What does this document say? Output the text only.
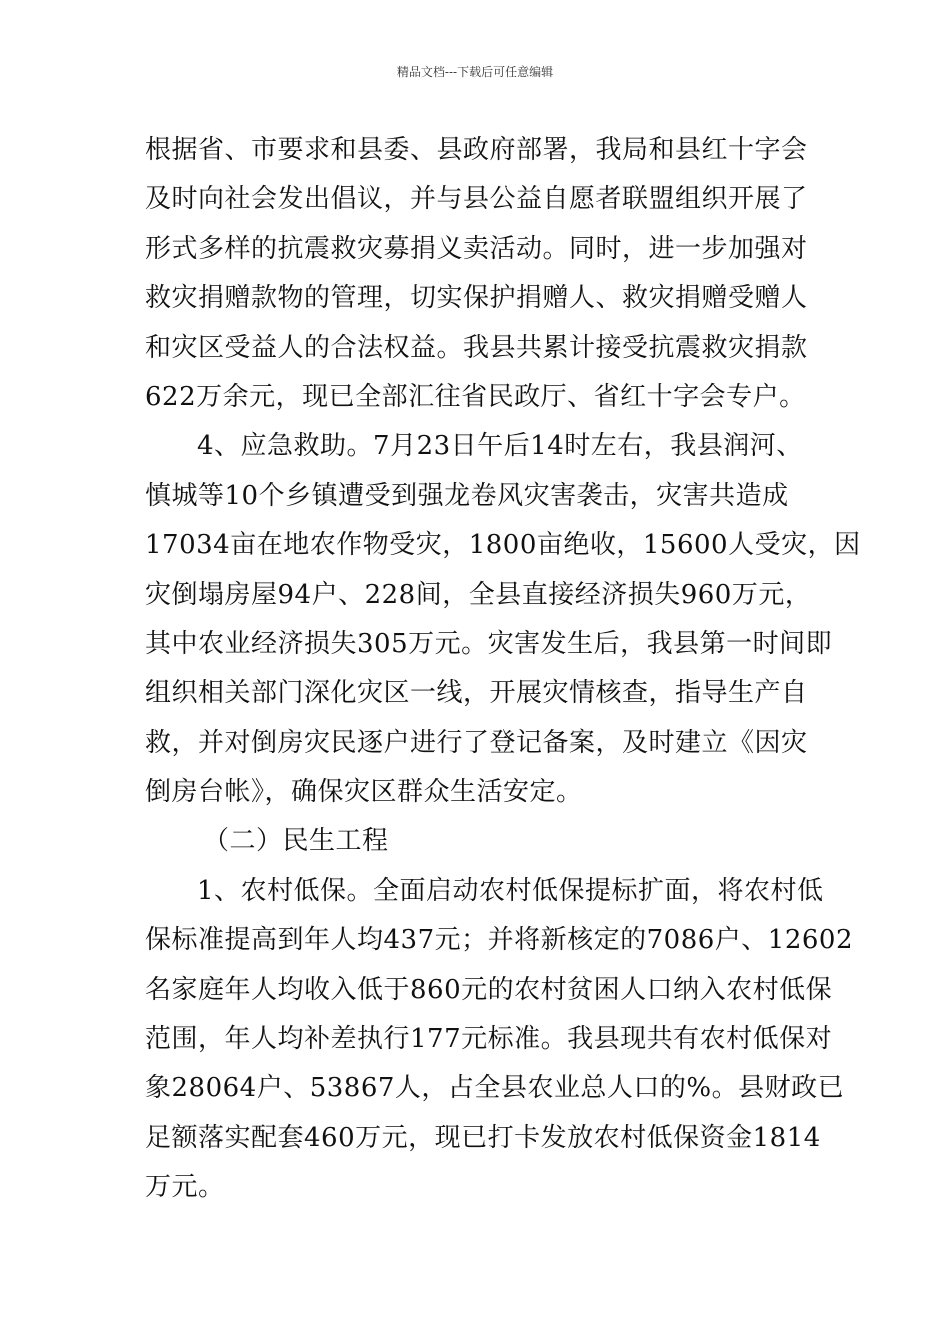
精品文档---下载后可任意编辑
根据省、市要求和县委、县政府部署，我局和县红十字会
及时向社会发出倡议，并与县公益自愿者联盟组织开展了
形式多样的抗震救灾募捐义卖活动。同时，进一步加强对
救灾捐赠款物的管理，切实保护捐赠人、救灾捐赠受赠人
和灾区受益人的合法权益。我县共累计接受抗震救灾捐款
622万余元，现已全部汇往省民政厅、省红十字会专户。
4、应急救助。7月23日午后14时左右，我县润河、
慎城等10个乡镇遭受到强龙卷风灾害袭击，灾害共造成
17034亩在地农作物受灾，1800亩绝收，15600人受灾，因
灾倒塌房屋94户、228间，全县直接经济损失960万元，
其中农业经济损失305万元。灾害发生后，我县第一时间即
组织相关部门深化灾区一线，开展灾情核查，指导生产自
救，并对倒房灾民逐户进行了登记备案，及时建立《因灾
倒房台帐》，确保灾区群众生活安定。
（二）民生工程
1、农村低保。全面启动农村低保提标扩面，将农村低
保标准提高到年人均437元；并将新核定的7086户、12602
名家庭年人均收入低于860元的农村贫困人口纳入农村低保
范围，年人均补差执行177元标准。我县现共有农村低保对
象28064户、53867人，占全县农业总人口的%。县财政已
足额落实配套460万元，现已打卡发放农村低保资金1814
万元。
